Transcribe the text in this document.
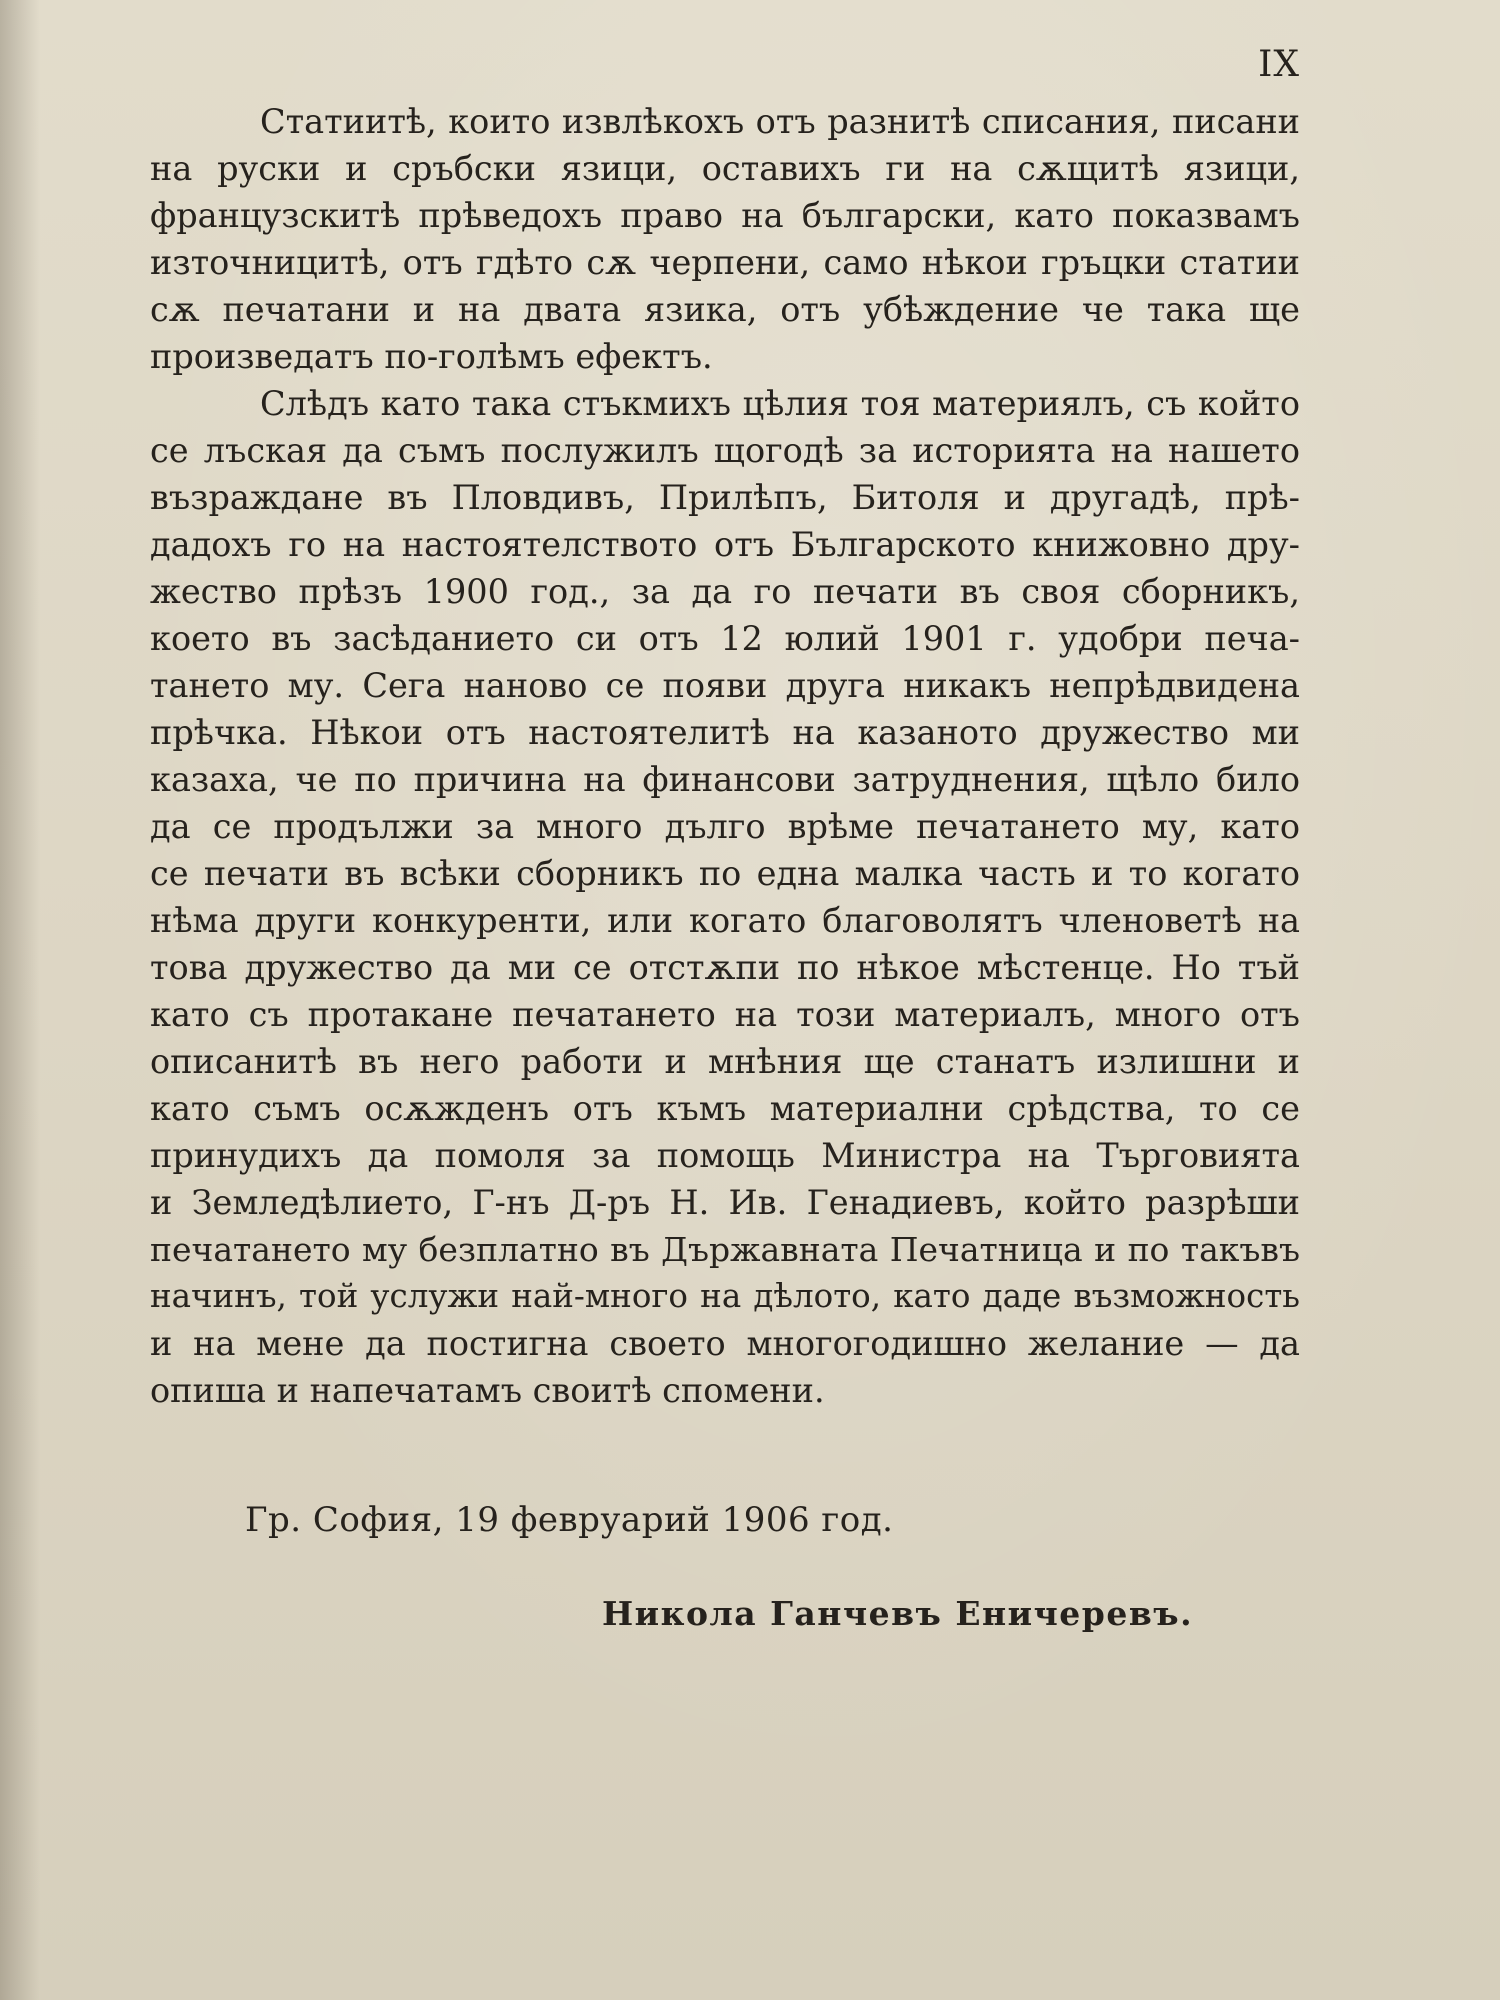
IX
Статиитѣ, които извлѣкохъ отъ разнитѣ списания, писани
на руски и сръбски язици, оставихъ ги на сѫщитѣ язици,
французскитѣ прѣведохъ право на български, като показвамъ
източницитѣ, отъ гдѣто сѫ черпени, само нѣкои гръцки статии
сѫ печатани и на двата язика, отъ убѣждение че така ще
произведатъ по-голѣмъ ефектъ.
Слѣдъ като така стъкмихъ цѣлия тоя материялъ, съ който
се лъская да съмъ послужилъ щогодѣ за историята на нашето
възраждане въ Пловдивъ, Прилѣпъ, Битоля и другадѣ, прѣ-
дадохъ го на настоятелството отъ Българското книжовно дру-
жество прѣзъ 1900 год., за да го печати въ своя сборникъ,
което въ засѣданието си отъ 12 юлий 1901 г. удобри печа-
тането му. Сега наново се появи друга никакъ непрѣдвидена
прѣчка. Нѣкои отъ настоятелитѣ на казаното дружество ми
казаха, че по причина на финансови затруднения, щѣло било
да се продължи за много дълго врѣме печатането му, като
се печати въ всѣки сборникъ по една малка часть и то когато
нѣма други конкуренти, или когато благоволятъ членоветѣ на
това дружество да ми се отстѫпи по нѣкое мѣстенце. Но тъй
като съ протакане печатането на този материалъ, много отъ
описанитѣ въ него работи и мнѣния ще станатъ излишни и
като съмъ осѫжденъ отъ къмъ материални срѣдства, то се
принудихъ да помоля за помощь Министра на Търговията
и Земледѣлието, Г-нъ Д-ръ Н. Ив. Генадиевъ, който разрѣши
печатането му безплатно въ Държавната Печатница и по такъвъ
начинъ, той услужи най-много на дѣлото, като даде възможность
и на мене да постигна своето многогодишно желание — да
опиша и напечатамъ своитѣ спомени.
Гр. София, 19 февруарий 1906 год.
Никола Ганчевъ Еничеревъ.
